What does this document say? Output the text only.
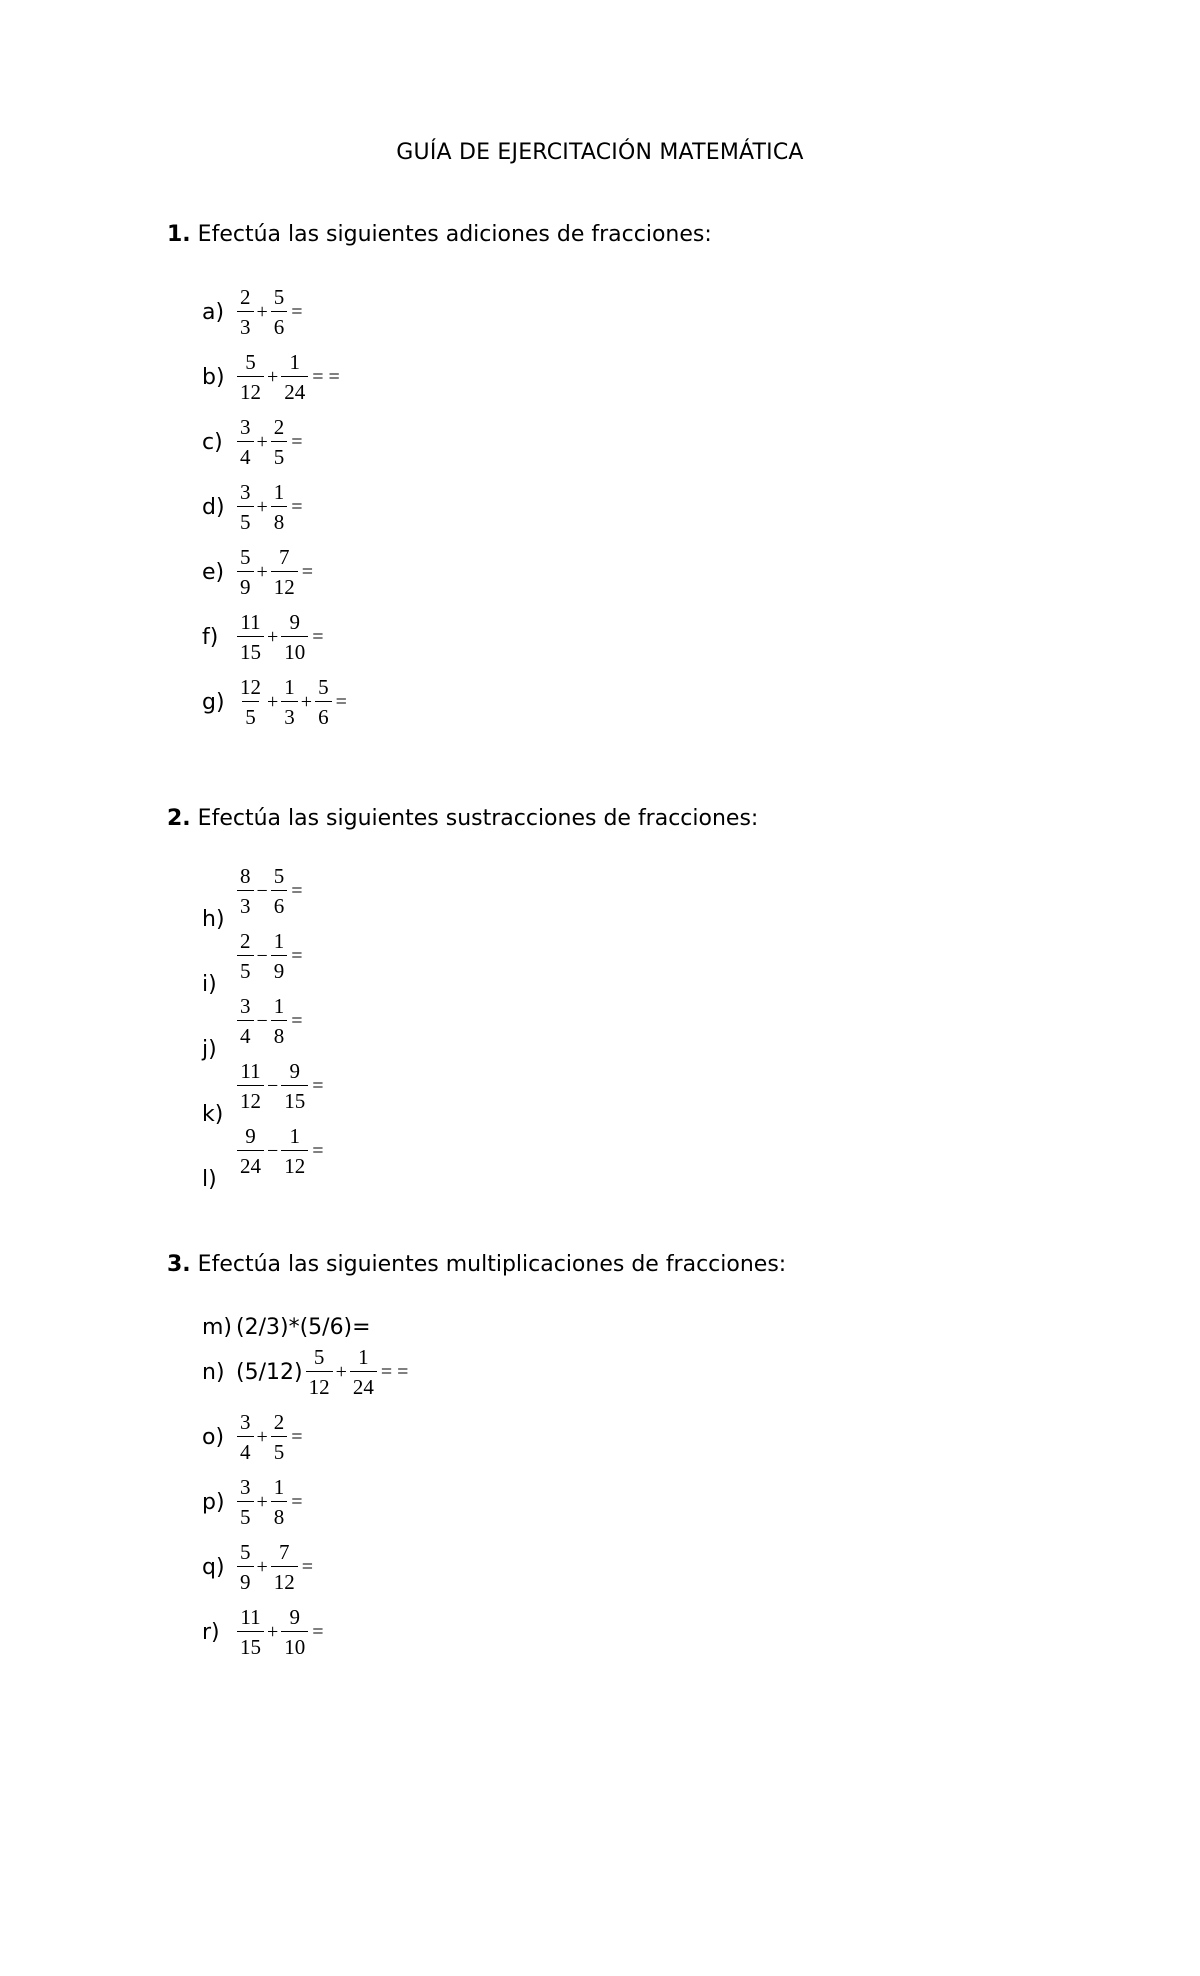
GUÍA DE EJERCITACIÓN MATEMÁTICA
1. Efectúa las siguientes adiciones de fracciones:
$a) \frac{2}{3} + \frac{5}{6}$ =
$b) \frac{5}{12} + \frac{1}{24}$ = =
$c) \frac{3}{4} + \frac{2}{5}$ =
$d) \frac{3}{5} + \frac{1}{8}$ =
$e) \frac{5}{9} + \frac{7}{12}$ =
$f) \frac{11}{15} + \frac{9}{10}$ =
$g) \frac{12}{5} + \frac{1}{3} + \frac{5}{6}$ =
2. Efectúa las siguientes sustracciones de fracciones:
h)
$\frac{8}{3} - \frac{5}{6}$ =
i)
$\frac{2}{5} - \frac{1}{9}$ =
j)
$\frac{3}{4} - \frac{1}{8}$ =
k)
$\frac{11}{12} - \frac{9}{15}$ =
l)
$\frac{9}{24} - \frac{1}{12}$ =
3. Efectúa las siguientes multiplicaciones de fracciones:
m) (2/3)*(5/6)=
n) $(5/12) \frac{5}{12} + \frac{1}{24}$ = =
$o) \frac{3}{4} + \frac{2}{5}$ =
$p) \frac{3}{5} + \frac{1}{8}$ =
$q) \frac{5}{9} + \frac{7}{12}$ =
$r) \frac{11}{15} + \frac{9}{10}$ =
